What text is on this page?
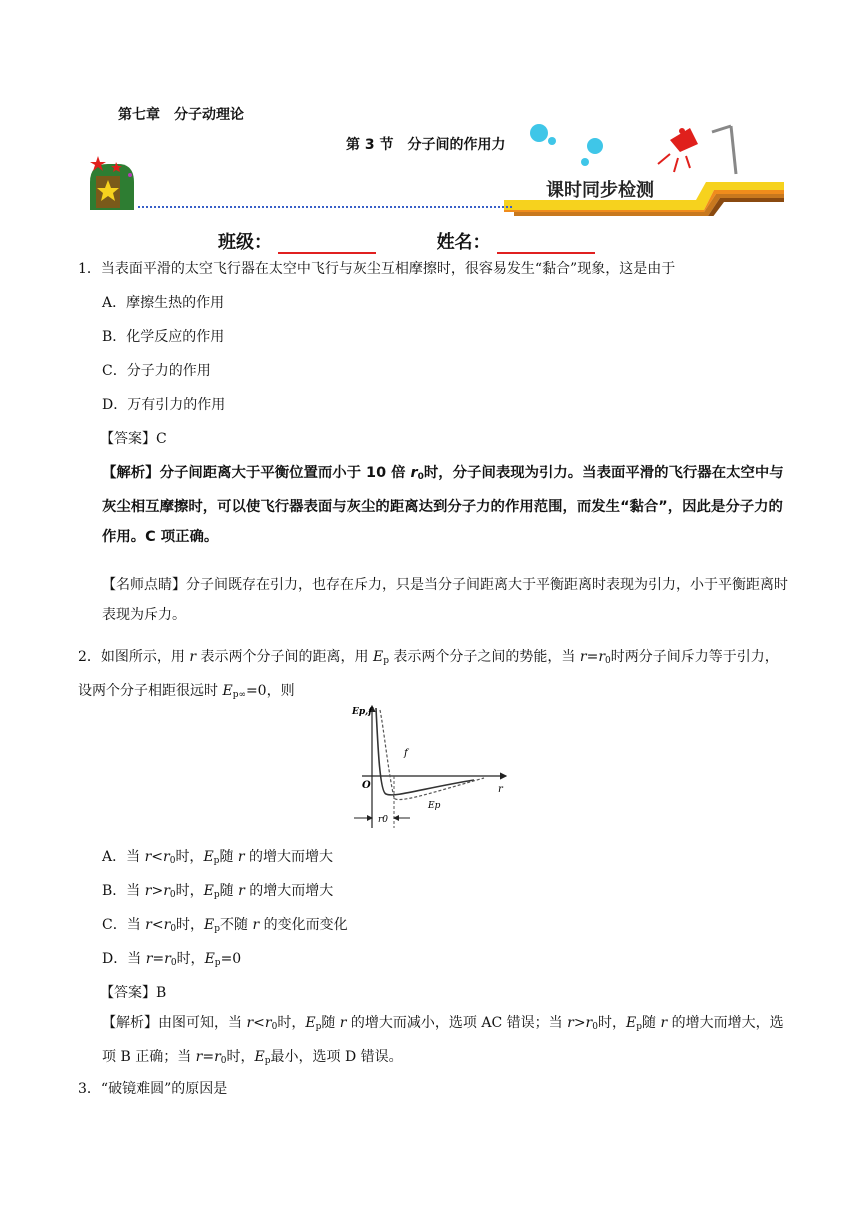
第七章　分子动理论
第 3 节　分子间的作用力
课时同步检测
班级：	姓名：
1．当表面平滑的太空飞行器在太空中飞行与灰尘互相摩擦时，很容易发生“黏合”现象，这是由于
A．摩擦生热的作用
B．化学反应的作用
C．分子力的作用
D．万有引力的作用
【答案】C
【解析】分子间距离大于平衡位置而小于 10 倍 $r_0$时，分子间表现为引力。当表面平滑的飞行器在太空中与灰尘相互摩擦时，可以使飞行器表面与灰尘的距离达到分子力的作用范围，而发生“黏合”，因此是分子力的作用。C 项正确。
【名师点睛】分子间既存在引力，也存在斥力，只是当分子间距离大于平衡距离时表现为引力，小于平衡距离时表现为斥力。
2．如图所示，用 r 表示两个分子间的距离，用 $E_p$ 表示两个分子之间的势能，当 $r=r_0$时两分子间斥力等于引力，设两个分子相距很远时 $E_{p\infty}=0$，则
Ep,f
r
O
f
Ep
r0
A．当 $r<r_0$时，$E_p$随 r 的增大而增大
B．当 $r>r_0$时，$E_p$随 r 的增大而增大
C．当 $r<r_0$时，$E_p$不随 r 的变化而变化
D．当 $r=r_0$时，$E_p=0$
【答案】B
【解析】由图可知，当 $r<r_0$时，$E_p$随 r 的增大而减小，选项 AC 错误；当 $r>r_0$时，$E_p$随 r 的增大而增大，选项 B 正确；当 $r=r_0$时，$E_p$最小，选项 D 错误。
3．“破镜难圆”的原因是
